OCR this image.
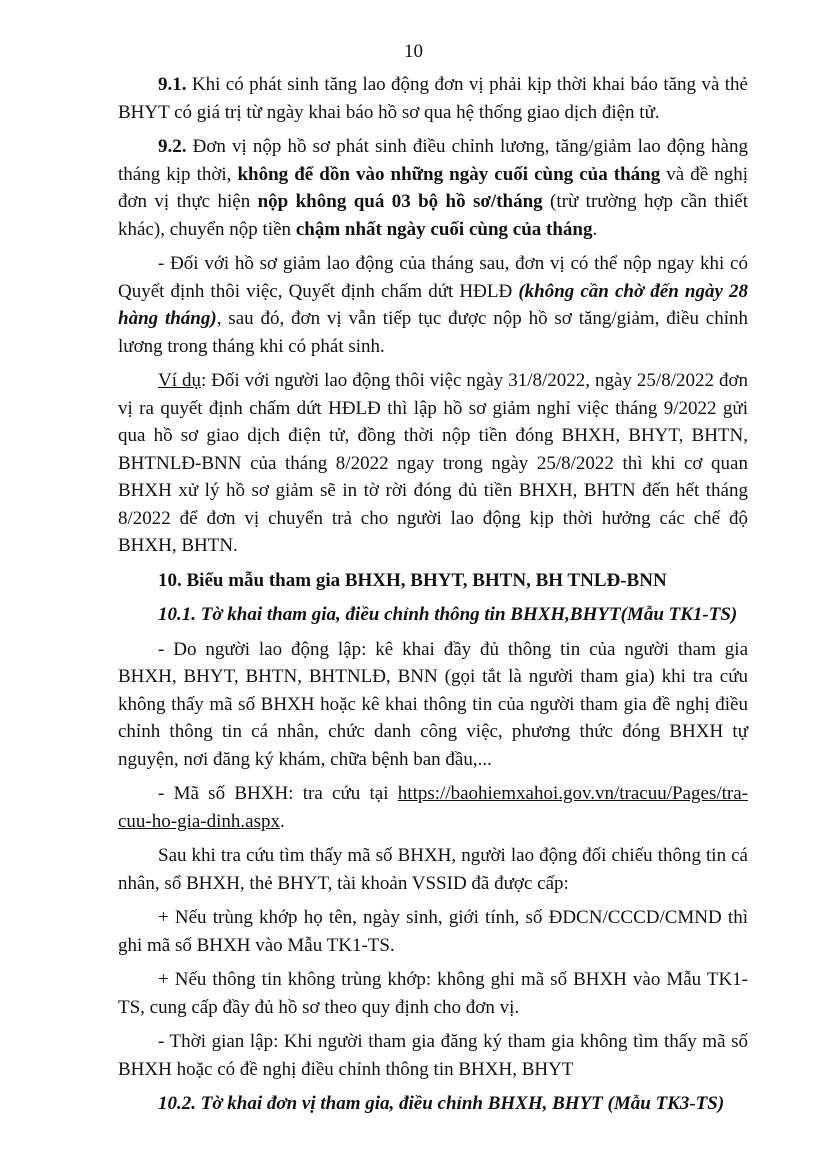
10

9.1. Khi có phát sinh tăng lao động đơn vị phải kịp thời khai báo tăng và thẻ BHYT có giá trị từ ngày khai báo hồ sơ qua hệ thống giao dịch điện tử.

9.2. Đơn vị nộp hồ sơ phát sinh điều chỉnh lương, tăng/giảm lao động hàng tháng kịp thời, không để dồn vào những ngày cuối cùng của tháng và đề nghị đơn vị thực hiện nộp không quá 03 bộ hồ sơ/tháng (trừ trường hợp cần thiết khác), chuyển nộp tiền chậm nhất ngày cuối cùng của tháng.

- Đối với hồ sơ giảm lao động của tháng sau, đơn vị có thể nộp ngay khi có Quyết định thôi việc, Quyết định chấm dứt HĐLĐ (không cần chờ đến ngày 28 hàng tháng), sau đó, đơn vị vẫn tiếp tục được nộp hồ sơ tăng/giảm, điều chỉnh lương trong tháng khi có phát sinh.

Ví dụ: Đối với người lao động thôi việc ngày 31/8/2022, ngày 25/8/2022 đơn vị ra quyết định chấm dứt HĐLĐ thì lập hồ sơ giảm nghỉ việc tháng 9/2022 gửi qua hồ sơ giao dịch điện tử, đồng thời nộp tiền đóng BHXH, BHYT, BHTN, BHTNLĐ-BNN của tháng 8/2022 ngay trong ngày 25/8/2022 thì khi cơ quan BHXH xử lý hồ sơ giảm sẽ in tờ rời đóng đủ tiền BHXH, BHTN đến hết tháng 8/2022 để đơn vị chuyển trả cho người lao động kịp thời hưởng các chế độ BHXH, BHTN.

10. Biểu mẫu tham gia BHXH, BHYT, BHTN, BH TNLĐ-BNN

10.1. Tờ khai tham gia, điều chỉnh thông tin BHXH,BHYT(Mẫu TK1-TS)

- Do người lao động lập: kê khai đầy đủ thông tin của người tham gia BHXH, BHYT, BHTN, BHTNLĐ, BNN (gọi tắt là người tham gia) khi tra cứu không thấy mã số BHXH hoặc kê khai thông tin của người tham gia đề nghị điều chỉnh thông tin cá nhân, chức danh công việc, phương thức đóng BHXH tự nguyện, nơi đăng ký khám, chữa bệnh ban đầu,...

- Mã số BHXH: tra cứu tại https://baohiemxahoi.gov.vn/tracuu/Pages/tra-cuu-ho-gia-dinh.aspx.

Sau khi tra cứu tìm thấy mã số BHXH, người lao động đối chiếu thông tin cá nhân, sổ BHXH, thẻ BHYT, tài khoản VSSID đã được cấp:

+ Nếu trùng khớp họ tên, ngày sinh, giới tính, số ĐDCN/CCCD/CMND thì ghi mã số BHXH vào Mẫu TK1-TS.

+ Nếu thông tin không trùng khớp: không ghi mã số BHXH vào Mẫu TK1-TS, cung cấp đầy đủ hồ sơ theo quy định cho đơn vị.

- Thời gian lập: Khi người tham gia đăng ký tham gia không tìm thấy mã số BHXH hoặc có đề nghị điều chỉnh thông tin BHXH, BHYT

10.2. Tờ khai đơn vị tham gia, điều chỉnh BHXH, BHYT (Mẫu TK3-TS)
